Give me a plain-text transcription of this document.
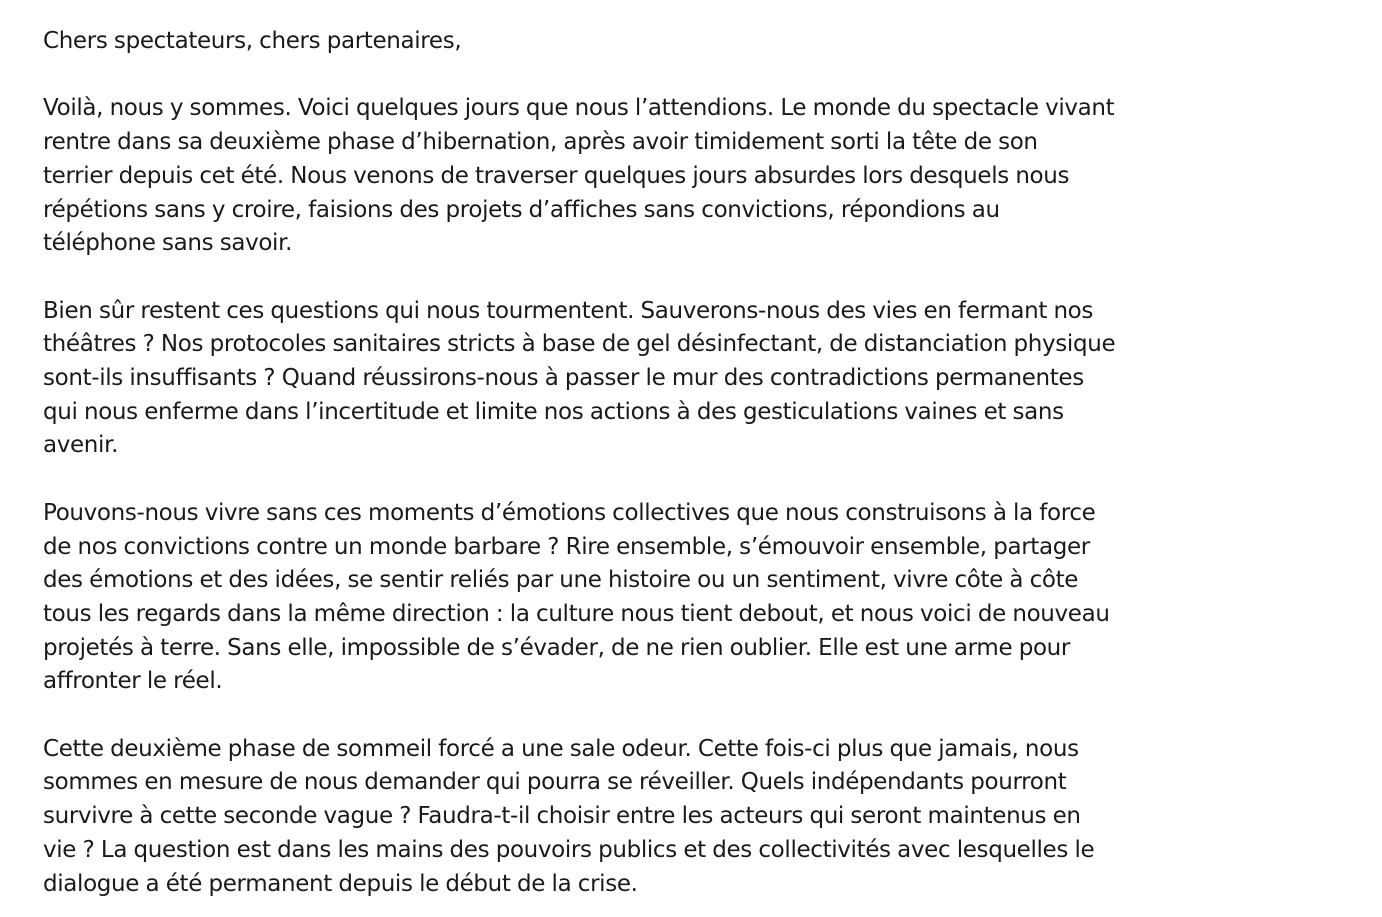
Chers spectateurs, chers partenaires,

Voilà, nous y sommes. Voici quelques jours que nous l’attendions. Le monde du spectacle vivant
rentre dans sa deuxième phase d’hibernation, après avoir timidement sorti la tête de son
terrier depuis cet été. Nous venons de traverser quelques jours absurdes lors desquels nous
répétions sans y croire, faisions des projets d’affiches sans convictions, répondions au
téléphone sans savoir.

Bien sûr restent ces questions qui nous tourmentent. Sauverons-nous des vies en fermant nos
théâtres ? Nos protocoles sanitaires stricts à base de gel désinfectant, de distanciation physique
sont-ils insuffisants ? Quand réussirons-nous à passer le mur des contradictions permanentes
qui nous enferme dans l’incertitude et limite nos actions à des gesticulations vaines et sans
avenir.

Pouvons-nous vivre sans ces moments d’émotions collectives que nous construisons à la force
de nos convictions contre un monde barbare ? Rire ensemble, s’émouvoir ensemble, partager
des émotions et des idées, se sentir reliés par une histoire ou un sentiment, vivre côte à côte
tous les regards dans la même direction : la culture nous tient debout, et nous voici de nouveau
projetés à terre. Sans elle, impossible de s’évader, de ne rien oublier. Elle est une arme pour
affronter le réel.

Cette deuxième phase de sommeil forcé a une sale odeur. Cette fois-ci plus que jamais, nous
sommes en mesure de nous demander qui pourra se réveiller. Quels indépendants pourront
survivre à cette seconde vague ? Faudra-t-il choisir entre les acteurs qui seront maintenus en
vie ? La question est dans les mains des pouvoirs publics et des collectivités avec lesquelles le
dialogue a été permanent depuis le début de la crise.
